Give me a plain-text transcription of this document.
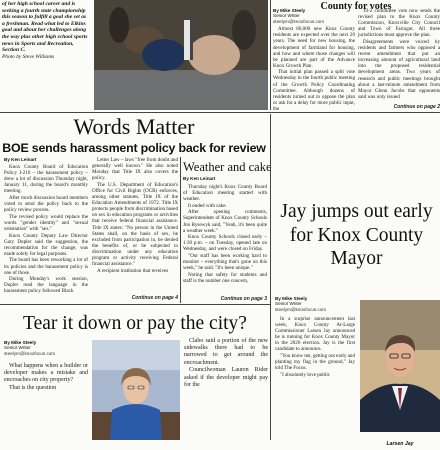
of her high school career and is seeking a fourth state championship this season to fulfill a goal she set as a freshman. Read what led to Elkins goal and about her challenges along the way plus other high school sports news in Sports and Recreation, Section C.
Photo by Steve Williams
County for votes
By Mike Steely
Senior Writer
steelym@knoxfocus.com

Almost 80,000 new Knox County residents are expected over the next 20 years. The need for new housing, the development of farmland for housing, and how and where those changes will be planned are part of the Advance Knox Growth Plan.

That initial plan passed a split vote Wednesday in the fourth public meeting of the Growth Policy Coordinating Committee. Although dozens of residents turned out to oppose the plan or ask for a delay for more public input, the

10-2 committee vote now sends the revised plan to the Knox County Commission, Knoxville City Council and Town of Farragut. All three jurisdictions must approve the plan.

Disagreements were voiced by residents and farmers who opposed a recent amendment that put an increasing amount of agricultural land into the proposed residential development areas. Two years of research and public meetings brought about a last-minute amendment from Mayor Glenn Jacobs that opponents said was only issued

Continue on page 2
Words Matter
BOE sends harassment policy back for review
By Ken Leinart

Knox County Board of Education Policy J-210 – the harassment policy – drew a lot of discussion Thursday night, January 11, during the board's monthly meeting.

After much discussion board members voted to send the policy back to the policy review process.

The revised policy would replace the words "gender identity" and "sexual orientation" with "sex."

Knox County Deputy Law Director Gary Dupler said the suggestion, the recommendation for the change, was made solely for legal purposes.

The board has been reworking a lot of its policies and the harassment policy is one of those.

During Monday's work session, Dupler read the language in the harassment policy followed Black

Letter Law – laws "free from doubt and generally well known." He also noted Monday that Title IX also covers the policy.

The U.S. Department of Education's Office for Civil Rights (OCR) enforces, among other statutes, Title IX of the Education Amendments of 1972. Title IX protects people from discrimination based on sex in education programs or activities that receive federal financial assistance. Title IX states: "No person in the United States shall, on the basis of sex, be excluded from participation in, be denied the benefits of, or be subjected to discrimination under any education program or activity receiving Federal financial assistance."

A recipient institution that receives

Continue on page 4
Weather and cake
By Ken Leinart

Thursday night's Knox County Board of Education meeting started with weather.

It ended with cake.

After opening comments, Superintendent of Knox County Schools Jon Rysewyk said, "Yeah, it's been quite a weather week."

Knox County Schools closed early – 1:30 p.m. – on Tuesday, opened late on Wednesday, and were closed on Friday.

"Our staff has been working hard to monitor – everything that's gone on this week," he said. "It's been unique."

Noting that safety for students and staff is the number one concern,

Continue on page 3
Jay jumps out early for Knox County Mayor
By Mike Steely
Senior Writer
steelym@knoxfocus.com

In a surprise announcement last week, Knox County At-Large Commissioner Larsen Jay announced he is running for Knox County Mayor in the 2026 election. Jay is the first candidate to announce.

"You know me, getting out early and planting my flag in the ground," Jay told The Focus.

"I absolutely love public

Larsen Jay
Tear it down or pay the city?
By Mike Steely
Senior Writer
steelym@knoxfocus.com

What happens when a builder or developer makes a mistake and encroaches on city property?

That is the question

Clabo said a portion of the new sidewalks there had to be narrowed to get around the encroachment.

Councilwoman Lauren Rider asked if the developer might pay for the
